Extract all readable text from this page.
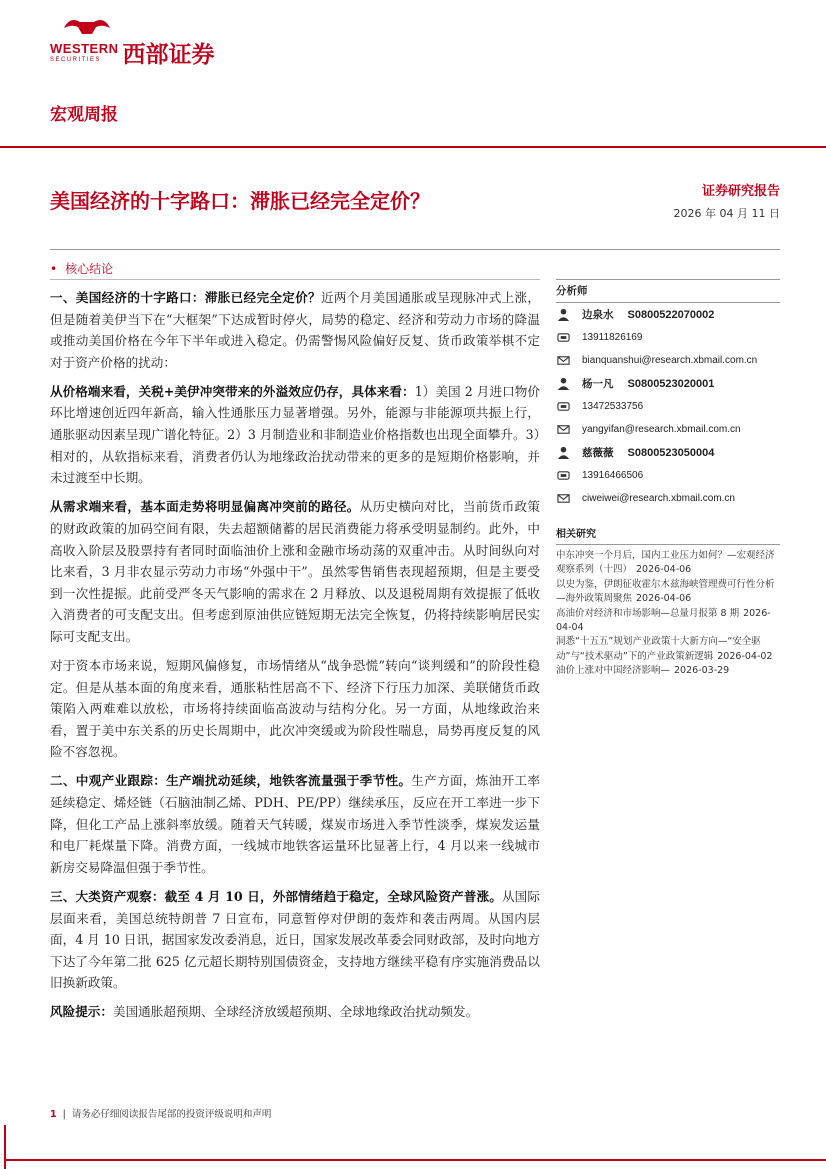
WESTERN
SECURITIES 西部证券
宏观周报
美国经济的十字路口：滞胀已经完全定价？	证券研究报告
2026 年 04 月 11 日
• 核心结论

一、美国经济的十字路口：滞胀已经完全定价？近两个月美国通胀或呈现脉冲式上涨，但是随着美伊当下在“大框架”下达成暂时停火，局势的稳定、经济和劳动力市场的降温或推动美国价格在今年下半年或进入稳定。仍需警惕风险偏好反复、货币政策举棋不定对于资产价格的扰动：

从价格端来看，关税+美伊冲突带来的外溢效应仍存，具体来看：1）美国 2 月进口物价环比增速创近四年新高，输入性通胀压力显著增强。另外，能源与非能源项共振上行，通胀驱动因素呈现广谱化特征。2）3 月制造业和非制造业价格指数也出现全面攀升。3）相对的，从软指标来看，消费者仍认为地缘政治扰动带来的更多的是短期价格影响，并未过渡至中长期。

从需求端来看，基本面走势将明显偏离冲突前的路径。从历史横向对比，当前货币政策的财政政策的加码空间有限，失去超额储蓄的居民消费能力将承受明显制约。此外，中高收入阶层及股票持有者同时面临油价上涨和金融市场动荡的双重冲击。从时间纵向对比来看，3 月非农显示劳动力市场“外强中干”。虽然零售销售表现超预期，但是主要受到一次性提振。此前受严冬天气影响的需求在 2 月释放、以及退税周期有效提振了低收入消费者的可支配支出。但考虑到原油供应链短期无法完全恢复，仍将持续影响居民实际可支配支出。

对于资本市场来说，短期风偏修复，市场情绪从“战争恐慌”转向“谈判缓和”的阶段性稳定。但是从基本面的角度来看，通胀粘性居高不下、经济下行压力加深、美联储货币政策陷入两难难以放松，市场将持续面临高波动与结构分化。另一方面，从地缘政治来看，置于美中东关系的历史长周期中，此次冲突缓或为阶段性喘息，局势再度反复的风险不容忽视。

二、中观产业跟踪：生产端扰动延续，地铁客流量强于季节性。生产方面，炼油开工率延续稳定、烯烃链（石脑油制乙烯、PDH、PE/PP）继续承压，反应在开工率进一步下降，但化工产品上涨斜率放缓。随着天气转暖，煤炭市场进入季节性淡季，煤炭发运量和电厂耗煤量下降。消费方面，一线城市地铁客运量环比显著上行，4 月以来一线城市新房交易降温但强于季节性。

三、大类资产观察：截至 4 月 10 日，外部情绪趋于稳定，全球风险资产普涨。从国际层面来看，美国总统特朗普 7 日宣布，同意暂停对伊朗的轰炸和袭击两周。从国内层面，4 月 10 日讯，据国家发改委消息，近日，国家发展改革委会同财政部，及时向地方下达了今年第二批 625 亿元超长期特别国债资金，支持地方继续平稳有序实施消费品以旧换新政策。

风险提示：美国通胀超预期、全球经济放缓超预期、全球地缘政治扰动频发。

分析师
边泉水 S0800522070002
13911826169
bianquanshui@research.xbmail.com.cn
杨一凡 S0800523020001
13472533756
yangyifan@research.xbmail.com.cn
慈薇薇 S0800523050004
13916466506
ciweiwei@research.xbmail.com.cn
相关研究
中东冲突一个月后，国内工业压力如何？—宏观经济观察系列（十四） 2026-04-06
以史为鉴，伊朗征收霍尔木兹海峡管理费可行性分析 —海外政策周聚焦 2026-04-06
高油价对经济和市场影响—总量月报第 8 期 2026-04-04
洞悉“十五五”规划产业政策十大新方向—“安全驱动”与“技术驱动”下的产业政策新逻辑 2026-04-02
油价上涨对中国经济影响— 2026-03-29
1 | 请务必仔细阅读报告尾部的投资评级说明和声明
